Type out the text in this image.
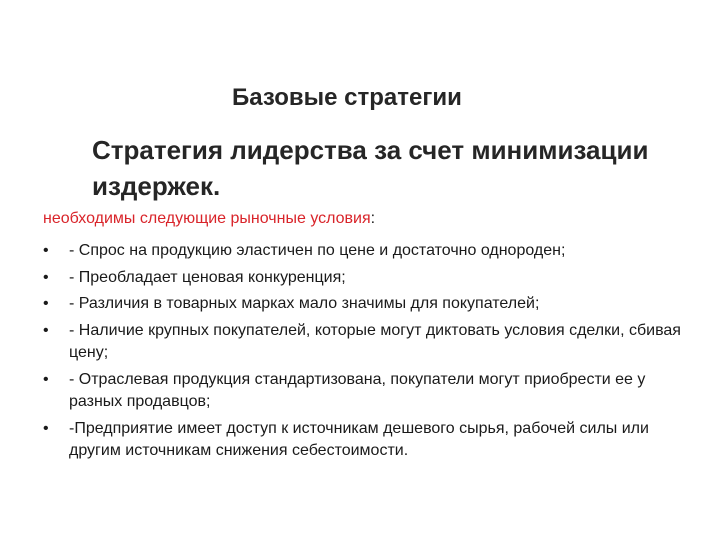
Базовые стратегии
Стратегия лидерства за счет минимизации издержек.
необходимы следующие рыночные условия:
•	- Спрос на продукцию эластичен по цене и достаточно однороден;
•	- Преобладает ценовая конкуренция;
•	- Различия в товарных марках мало значимы для покупателей;
•	- Наличие крупных покупателей, которые могут диктовать условия сделки, сбивая цену;
•	- Отраслевая продукция стандартизована, покупатели могут приобрести ее у разных продавцов;
•	-Предприятие имеет доступ к источникам дешевого сырья, рабочей силы или другим источникам снижения себестоимости.
